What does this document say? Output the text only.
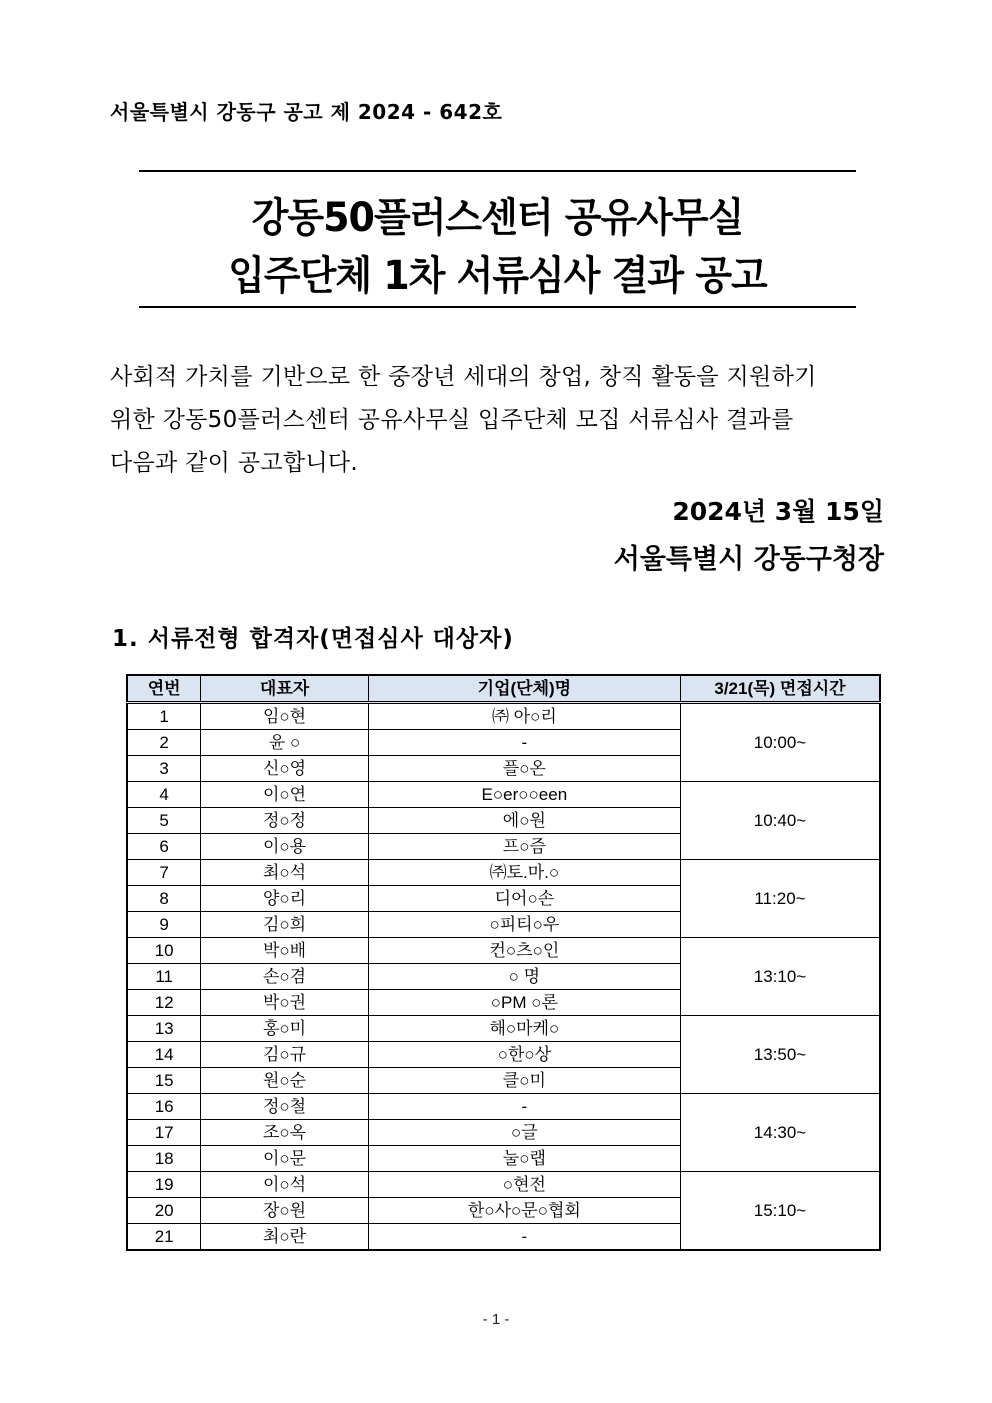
서울특별시 강동구 공고 제 2024 - 642호
강동50플러스센터 공유사무실
입주단체 1차 서류심사 결과 공고
사회적 가치를 기반으로 한 중장년 세대의 창업, 창직 활동을 지원하기
위한 강동50플러스센터 공유사무실 입주단체 모집 서류심사 결과를
다음과 같이 공고합니다.
2024년 3월 15일
서울특별시 강동구청장
1. 서류전형 합격자(면접심사 대상자)
연번	대표자	기업(단체)명	3/21(목) 면접시간
1	임○현	㈜ 아○리	10:00~
2	윤 ○	-	
3	신○영	플○온	
4	이○연	E○er○○een	10:40~
5	정○정	에○원	
6	이○용	프○즘	
7	최○석	㈜토.마.○	11:20~
8	양○리	디어○손	
9	김○희	○피티○우	
10	박○배	컨○츠○인	13:10~
11	손○겸	○ 명	
12	박○권	○PM ○론	
13	홍○미	해○마케○	13:50~
14	김○규	○한○상	
15	원○순	클○미	
16	정○철	-	14:30~
17	조○옥	○글	
18	이○문	눌○랩	
19	이○석	○현전	15:10~
20	장○원	한○사○문○협회	
21	최○란	-	
- 1 -
